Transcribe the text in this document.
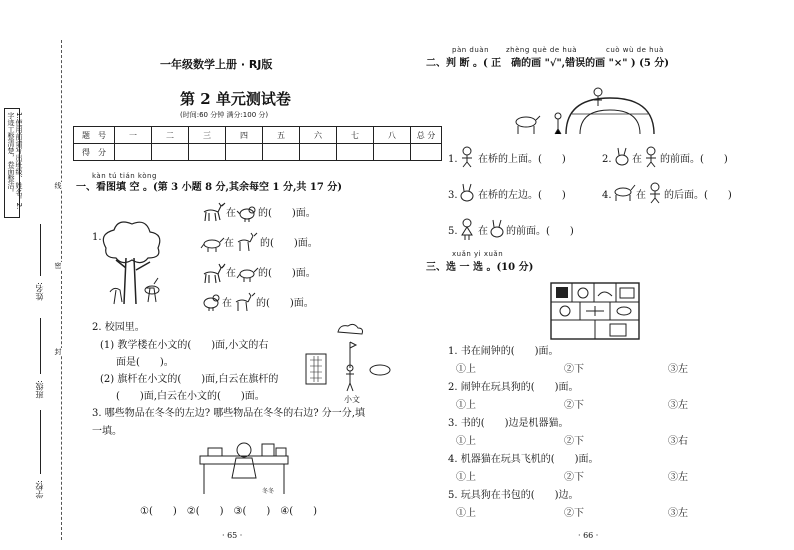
1.使用前请写出班级、姓名。2.字迹工整清楚，卷面整洁。
密
封
线
姓名:
班级:
学校:
一年级数学上册 · RJ版
第 2 单元测试卷
(时间:60 分钟 满分:100 分)
题　号	一	二	三	四	五	六	七	八	总 分
得　分									
kàn tú tián kòng
一、看图填 空 。(第 3 小题 8 分,其余每空 1 分,共 17 分)
1.
在 的(　　)面。
在	的(　　)面。
在 的(　　)面。
在 的(　　)面。
2. 校园里。
(1) 教学楼在小文的(　　)面,小文的右
面是(　　)。
(2) 旗杆在小文的(　　)面,白云在旗杆的
(　　)面,白云在小文的(　　)面。	小文
3. 哪些物品在冬冬的左边? 哪些物品在冬冬的右边? 分一分,填
一填。
冬冬
①(　　)　②(　　)　③(　　)　④(　　)
· 65 ·
pàn duàn zhèng què de huà	cuò wù de huà
二、判 断 。( 正　确的画 "√",错误的画 "×" ) (5 分)
1. 在桥的上面。(　　)	2. 在 的前面。(　　)
3. 在桥的左边。(　　)	4. 在 的后面。(　　)
5. 在 的前面。(　　)
xuǎn yi xuǎn
三、选 一 选 。(10 分)
1. 书在闹钟的(　　)面。
①上	②下	③左
2. 闹钟在玩具狗的(　　)面。
①上	②下	③左
3. 书的(　　)边是机器猫。
①上	②下	③右
4. 机器猫在玩具飞机的(　　)面。
①上	②下	③左
5. 玩具狗在书包的(　　)边。
①上	②下	③左
· 66 ·
